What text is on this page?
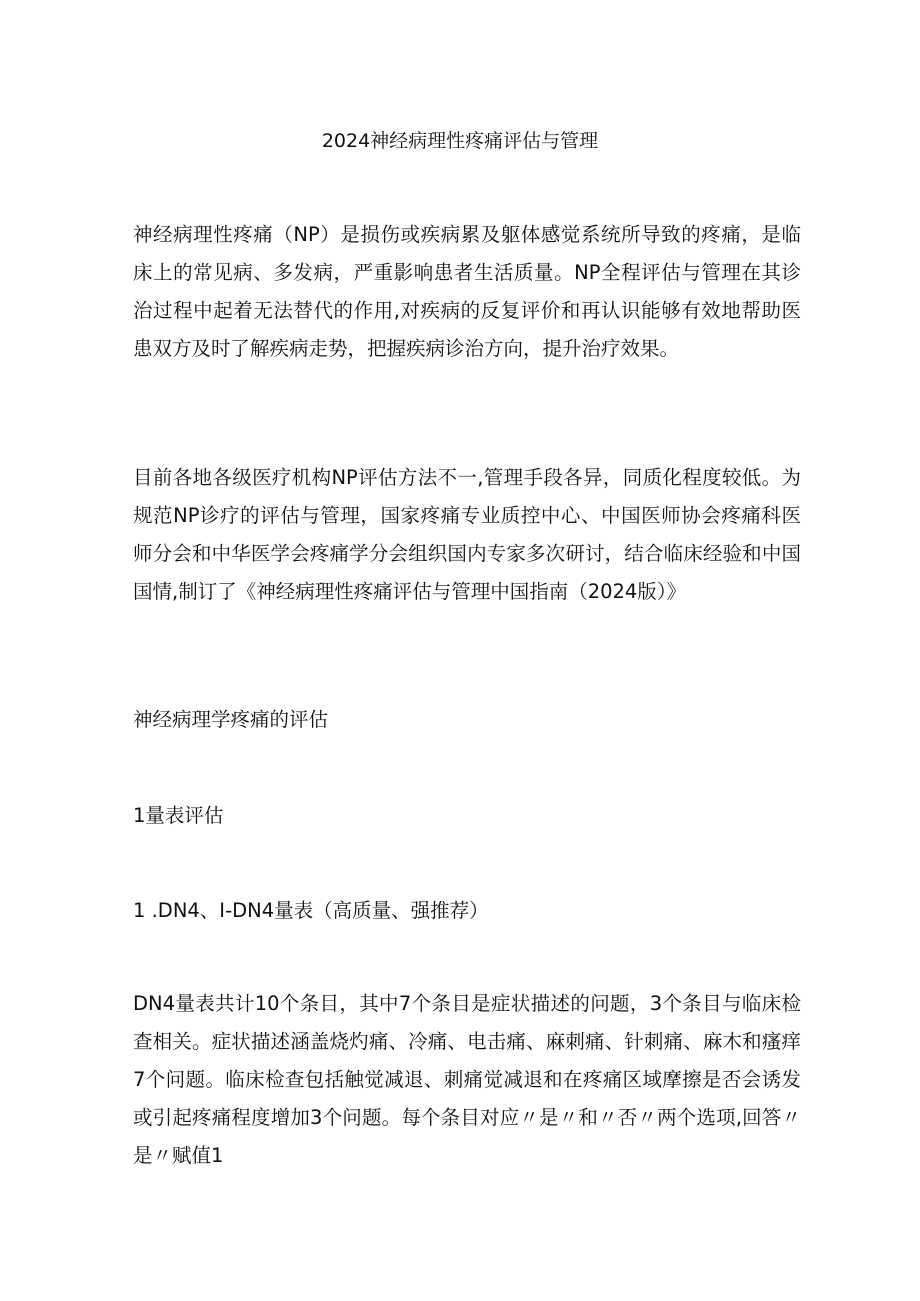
2024神经病理性疼痛评估与管理
神经病理性疼痛（NP）是损伤或疾病累及躯体感觉系统所导致的疼痛，是临床上的常见病、多发病，严重影响患者生活质量。NP全程评估与管理在其诊治过程中起着无法替代的作用,对疾病的反复评价和再认识能够有效地帮助医患双方及时了解疾病走势，把握疾病诊治方向，提升治疗效果。
目前各地各级医疗机构NP评估方法不一,管理手段各异，同质化程度较低。为规范NP诊疗的评估与管理，国家疼痛专业质控中心、中国医师协会疼痛科医师分会和中华医学会疼痛学分会组织国内专家多次研讨，结合临床经验和中国国情,制订了《神经病理性疼痛评估与管理中国指南（2024版）》
神经病理学疼痛的评估
1量表评估
1 .DN4、I-DN4量表（高质量、强推荐）
DN4量表共计10个条目，其中7个条目是症状描述的问题，3个条目与临床检查相关。症状描述涵盖烧灼痛、冷痛、电击痛、麻刺痛、针刺痛、麻木和瘙痒7个问题。临床检查包括触觉减退、刺痛觉减退和在疼痛区域摩擦是否会诱发或引起疼痛程度增加3个问题。每个条目对应〃是〃和〃否〃两个选项,回答〃是〃赋值1
